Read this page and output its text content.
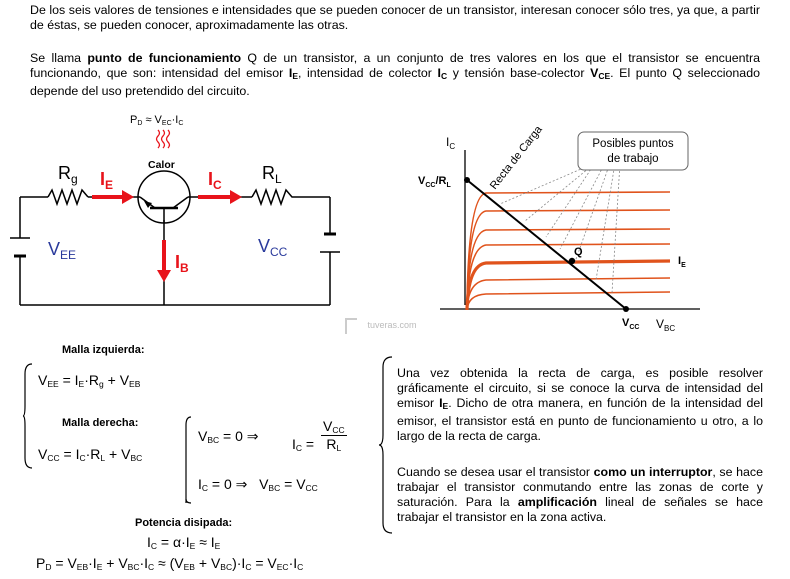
De los seis valores de tensiones e intensidades que se pueden conocer de un transistor, interesan conocer sólo tres, ya que, a partir de éstas, se pueden conocer, aproximadamente las otras.
Se llama punto de funcionamiento Q de un transistor, a un conjunto de tres valores en los que el transistor se encuentra funcionando, que son: intensidad del emisor $I_E$, intensidad de colector $I_C$ y tensión base-colector $V_{CE}$. El punto Q seleccionado depende del uso pretendido del circuito.
PD ≈ VEC·IC
Calor
$R_g$	$R_L$
$I_E$	$I_C$
$I_B$
$V_{EE}$	$V_{CC}$
tuveras.com
$I_C$
$V_{BC}$
$V_{CC}/R_L$
$V_{CC}$
Q
$I_E$
Recta de Carga	Posibles puntos
de trabajo
Malla izquierda:
$V_{EE} = I_E\cdot R_g + V_{EB}$
Malla derecha:
$V_{CC} = I_C\cdot R_L + V_{BC}$
$V_{BC} = 0$ ⇒
$I_C$ =
$V_{CC}$
$R_L$
$I_C = 0$ ⇒   $V_{BC} = V_{CC}$
Potencia disipada:
$I_C = \alpha\cdot I_E \approx I_E$
$P_D = V_{EB}\cdot I_E + V_{BC}\cdot I_C \approx (V_{EB} + V_{BC})\cdot I_C = V_{EC}\cdot I_C$
Una vez obtenida la recta de carga, es posible resolver gráficamente el circuito, si se conoce la curva de intensidad del emisor $I_E$. Dicho de otra manera, en función de la intensidad del emisor, el transistor está en punto de funcionamiento u otro, a lo largo de la recta de carga.
Cuando se desea usar el transistor como un interruptor, se hace trabajar el transistor conmutando entre las zonas de corte y saturación. Para la amplificación lineal de señales se hace trabajar el transistor en la zona activa.
